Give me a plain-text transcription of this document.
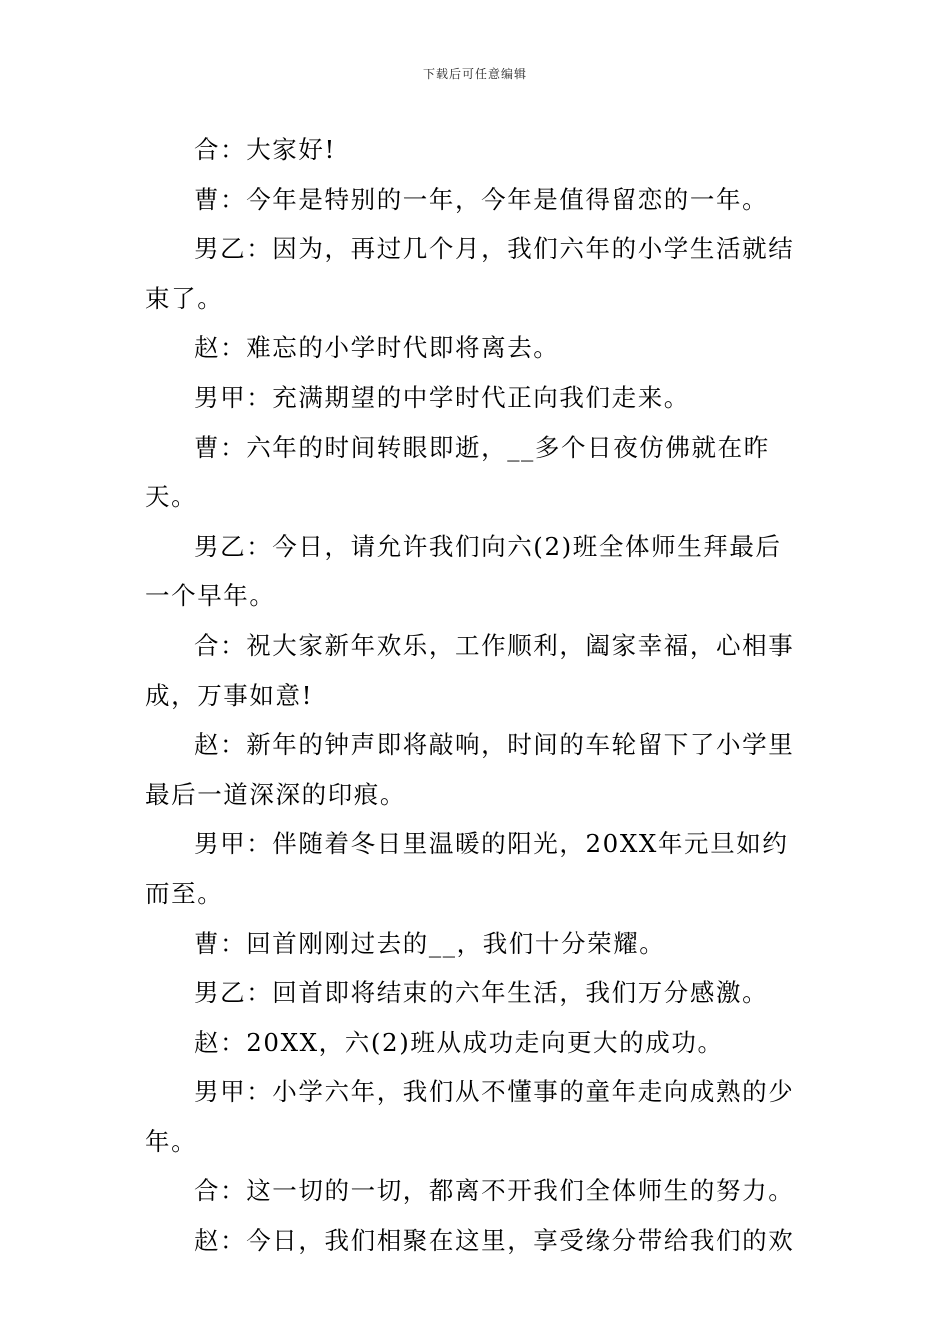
下载后可任意编辑

合：大家好!

曹：今年是特别的一年，今年是值得留恋的一年。

男乙：因为，再过几个月，我们六年的小学生活就结束了。

赵：难忘的小学时代即将离去。

男甲：充满期望的中学时代正向我们走来。

曹：六年的时间转眼即逝，__多个日夜仿佛就在昨天。

男乙：今日，请允许我们向六(2)班全体师生拜最后一个早年。

合：祝大家新年欢乐，工作顺利，阖家幸福，心相事成，万事如意!

赵：新年的钟声即将敲响，时间的车轮留下了小学里最后一道深深的印痕。

男甲：伴随着冬日里温暖的阳光，20XX年元旦如约而至。

曹：回首刚刚过去的__，我们十分荣耀。

男乙：回首即将结束的六年生活，我们万分感激。

赵：20XX，六(2)班从成功走向更大的成功。

男甲：小学六年，我们从不懂事的童年走向成熟的少年。

合：这一切的一切，都离不开我们全体师生的努力。

赵：今日，我们相聚在这里，享受缘分带给我们的欢
